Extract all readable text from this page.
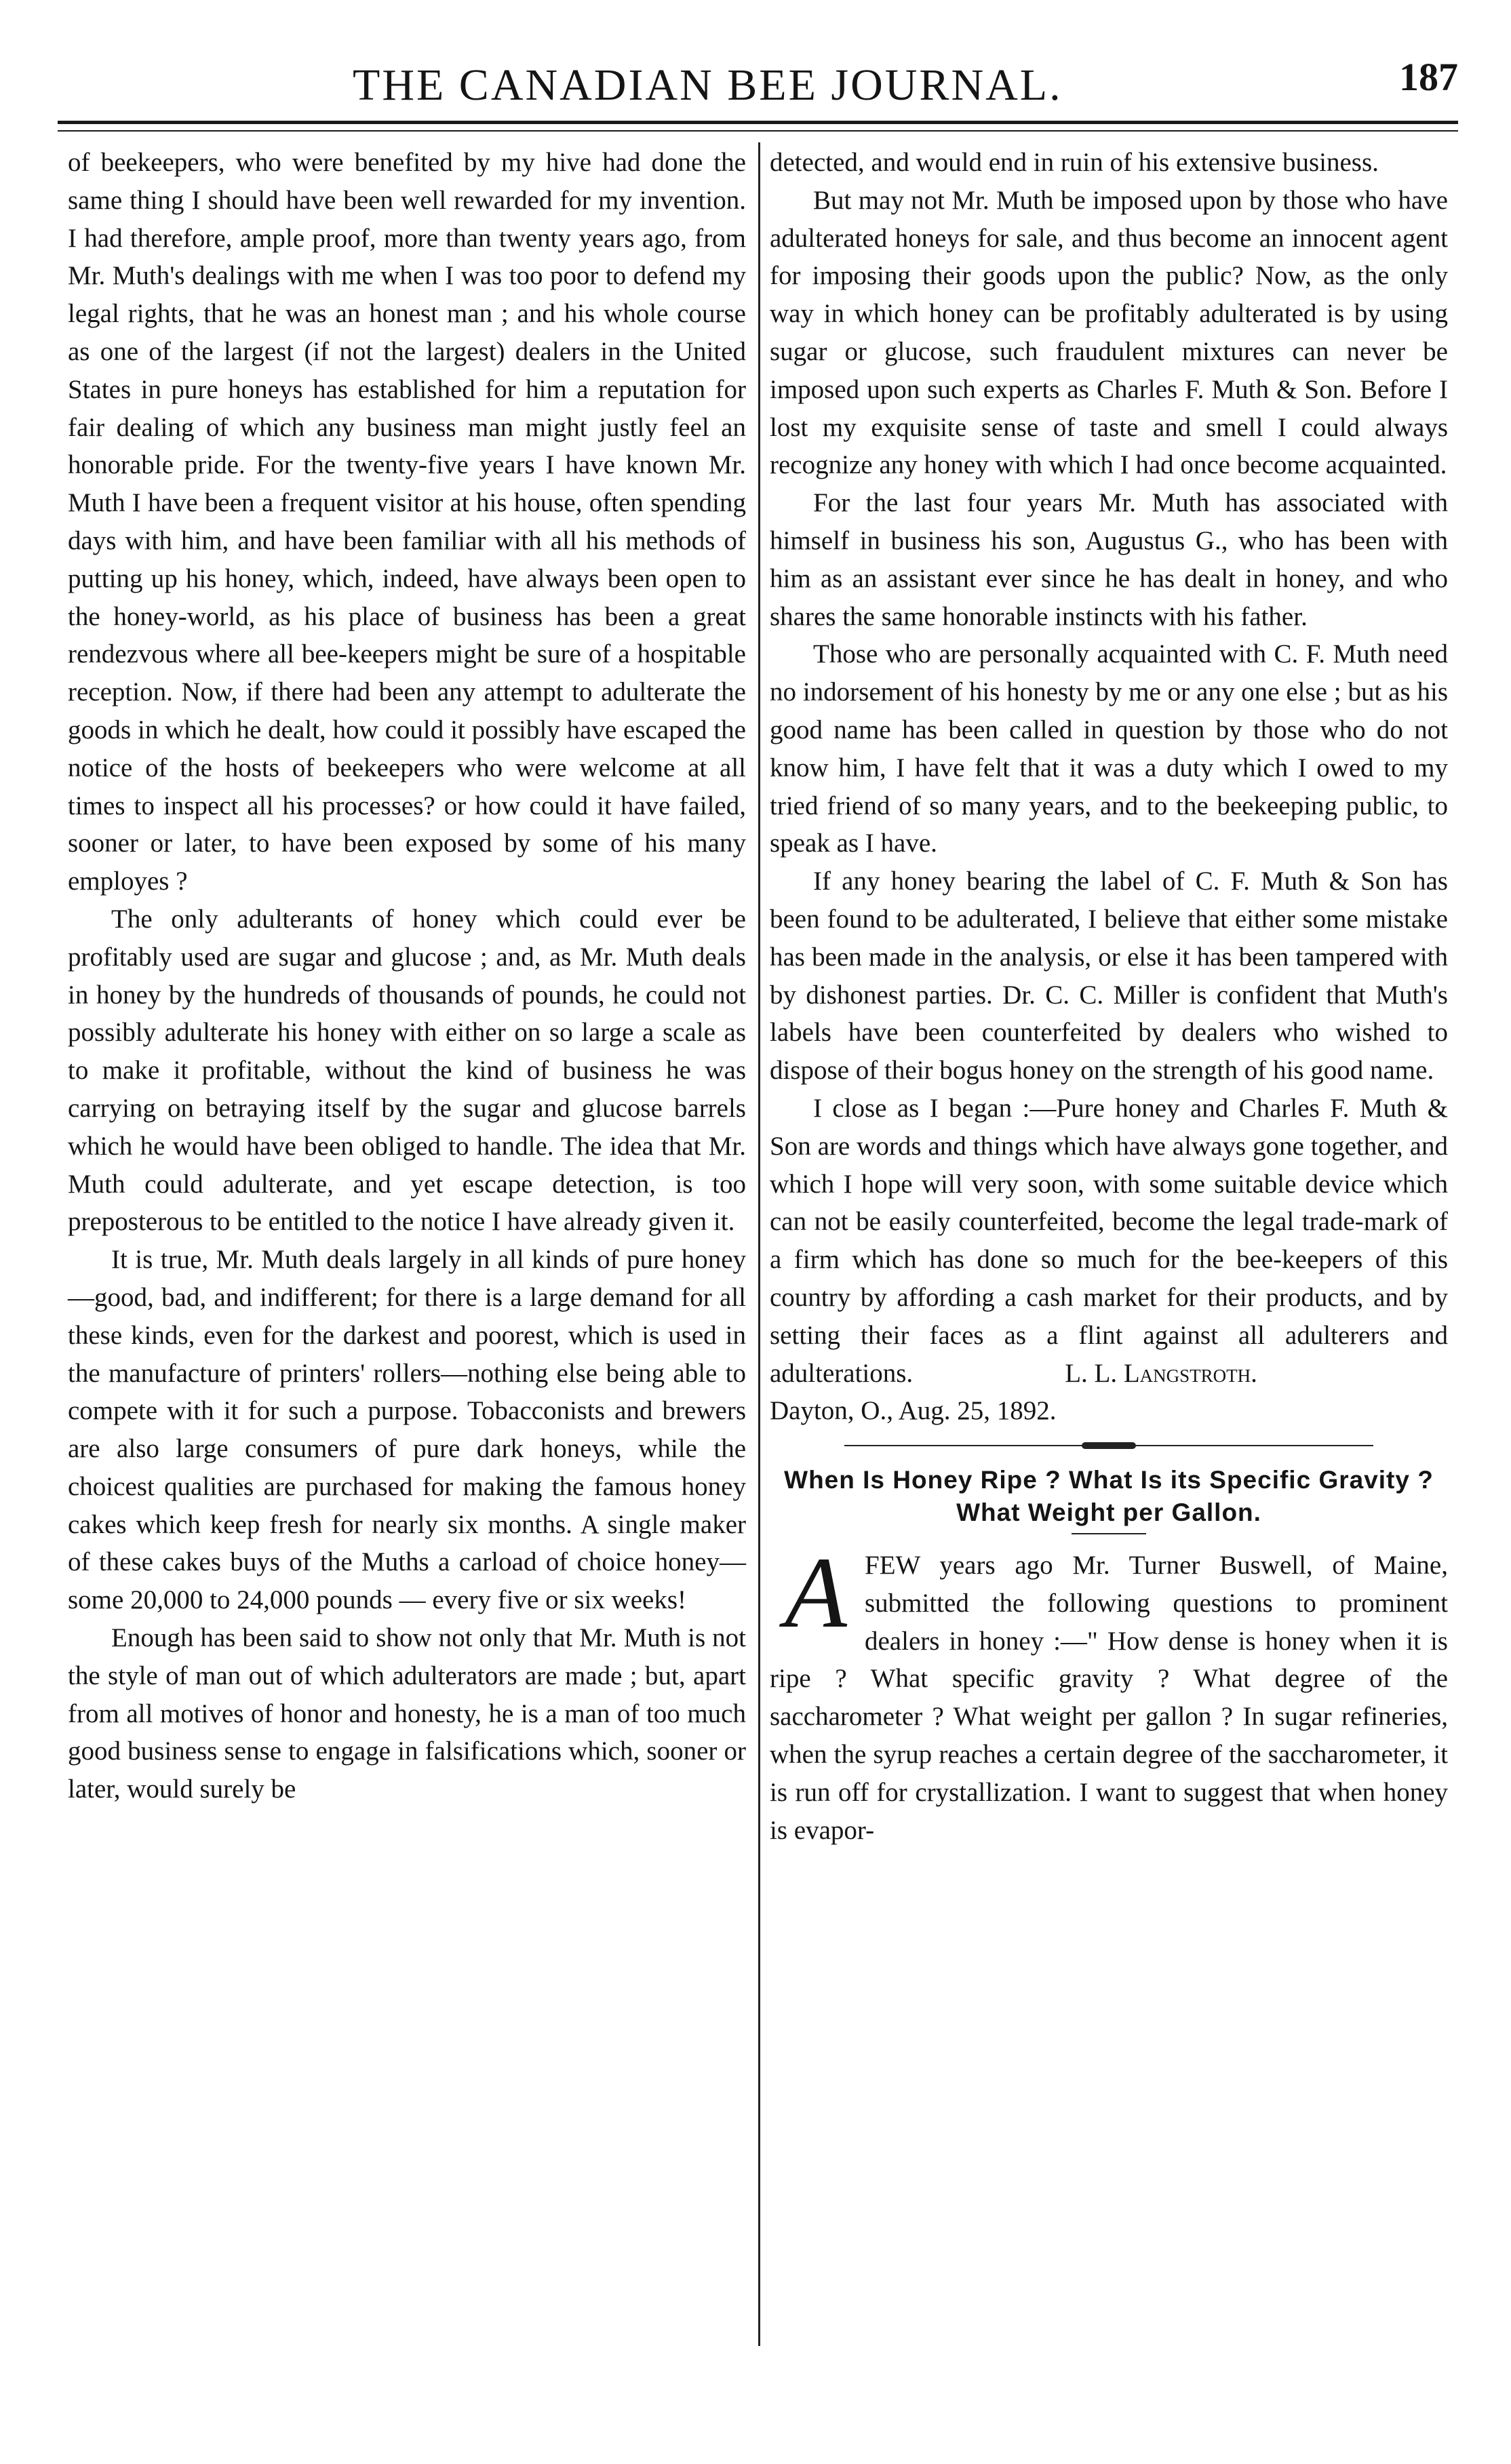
THE CANADIAN BEE JOURNAL.	187

of beekeepers, who were benefited by my hive had done the same thing I should have been well rewarded for my invention. I had therefore, ample proof, more than twenty years ago, from Mr. Muth's dealings with me when I was too poor to defend my legal rights, that he was an honest man ; and his whole course as one of the largest (if not the largest) dealers in the United States in pure honeys has established for him a reputation for fair dealing of which any business man might justly feel an honorable pride. For the twenty-five years I have known Mr. Muth I have been a frequent visitor at his house, often spending days with him, and have been familiar with all his methods of putting up his honey, which, indeed, have always been open to the honey-world, as his place of business has been a great rendezvous where all bee-keepers might be sure of a hospitable reception. Now, if there had been any attempt to adulterate the goods in which he dealt, how could it possibly have escaped the notice of the hosts of beekeepers who were welcome at all times to inspect all his processes? or how could it have failed, sooner or later, to have been exposed by some of his many employes ?

The only adulterants of honey which could ever be profitably used are sugar and glucose ; and, as Mr. Muth deals in honey by the hundreds of thousands of pounds, he could not possibly adulterate his honey with either on so large a scale as to make it profitable, without the kind of business he was carrying on betraying itself by the sugar and glucose barrels which he would have been obliged to handle. The idea that Mr. Muth could adulterate, and yet escape detection, is too preposterous to be entitled to the notice I have already given it.

It is true, Mr. Muth deals largely in all kinds of pure honey—good, bad, and indifferent; for there is a large demand for all these kinds, even for the darkest and poorest, which is used in the manufacture of printers' rollers—nothing else being able to compete with it for such a purpose. Tobacconists and brewers are also large consumers of pure dark honeys, while the choicest qualities are purchased for making the famous honey cakes which keep fresh for nearly six months. A single maker of these cakes buys of the Muths a carload of choice honey—some 20,000 to 24,000 pounds — every five or six weeks!

Enough has been said to show not only that Mr. Muth is not the style of man out of which adulterators are made ; but, apart from all motives of honor and honesty, he is a man of too much good business sense to engage in falsifications which, sooner or later, would surely be

detected, and would end in ruin of his extensive business.

But may not Mr. Muth be imposed upon by those who have adulterated honeys for sale, and thus become an innocent agent for imposing their goods upon the public? Now, as the only way in which honey can be profitably adulterated is by using sugar or glucose, such fraudulent mixtures can never be imposed upon such experts as Charles F. Muth & Son. Before I lost my exquisite sense of taste and smell I could always recognize any honey with which I had once become acquainted.

For the last four years Mr. Muth has associated with himself in business his son, Augustus G., who has been with him as an assistant ever since he has dealt in honey, and who shares the same honorable instincts with his father.

Those who are personally acquainted with C. F. Muth need no indorsement of his honesty by me or any one else ; but as his good name has been called in question by those who do not know him, I have felt that it was a duty which I owed to my tried friend of so many years, and to the beekeeping public, to speak as I have.

If any honey bearing the label of C. F. Muth & Son has been found to be adulterated, I believe that either some mistake has been made in the analysis, or else it has been tampered with by dishonest parties. Dr. C. C. Miller is confident that Muth's labels have been counterfeited by dealers who wished to dispose of their bogus honey on the strength of his good name.

I close as I began :—Pure honey and Charles F. Muth & Son are words and things which have always gone together, and which I hope will very soon, with some suitable device which can not be easily counterfeited, become the legal trade-mark of a firm which has done so much for the bee-keepers of this country by affording a cash market for their products, and by setting their faces as a flint against all adulterers and adulterations.	L. L. Langstroth.

Dayton, O., Aug. 25, 1892.

When Is Honey Ripe ? What Is its Specific Gravity ? What Weight per Gallon.

AFEW years ago Mr. Turner Buswell, of Maine, submitted the following questions to prominent dealers in honey :—" How dense is honey when it is ripe ? What specific gravity ? What degree of the saccharometer ? What weight per gallon ? In sugar refineries, when the syrup reaches a certain degree of the saccharometer, it is run off for crystallization. I want to suggest that when honey is evapor-
